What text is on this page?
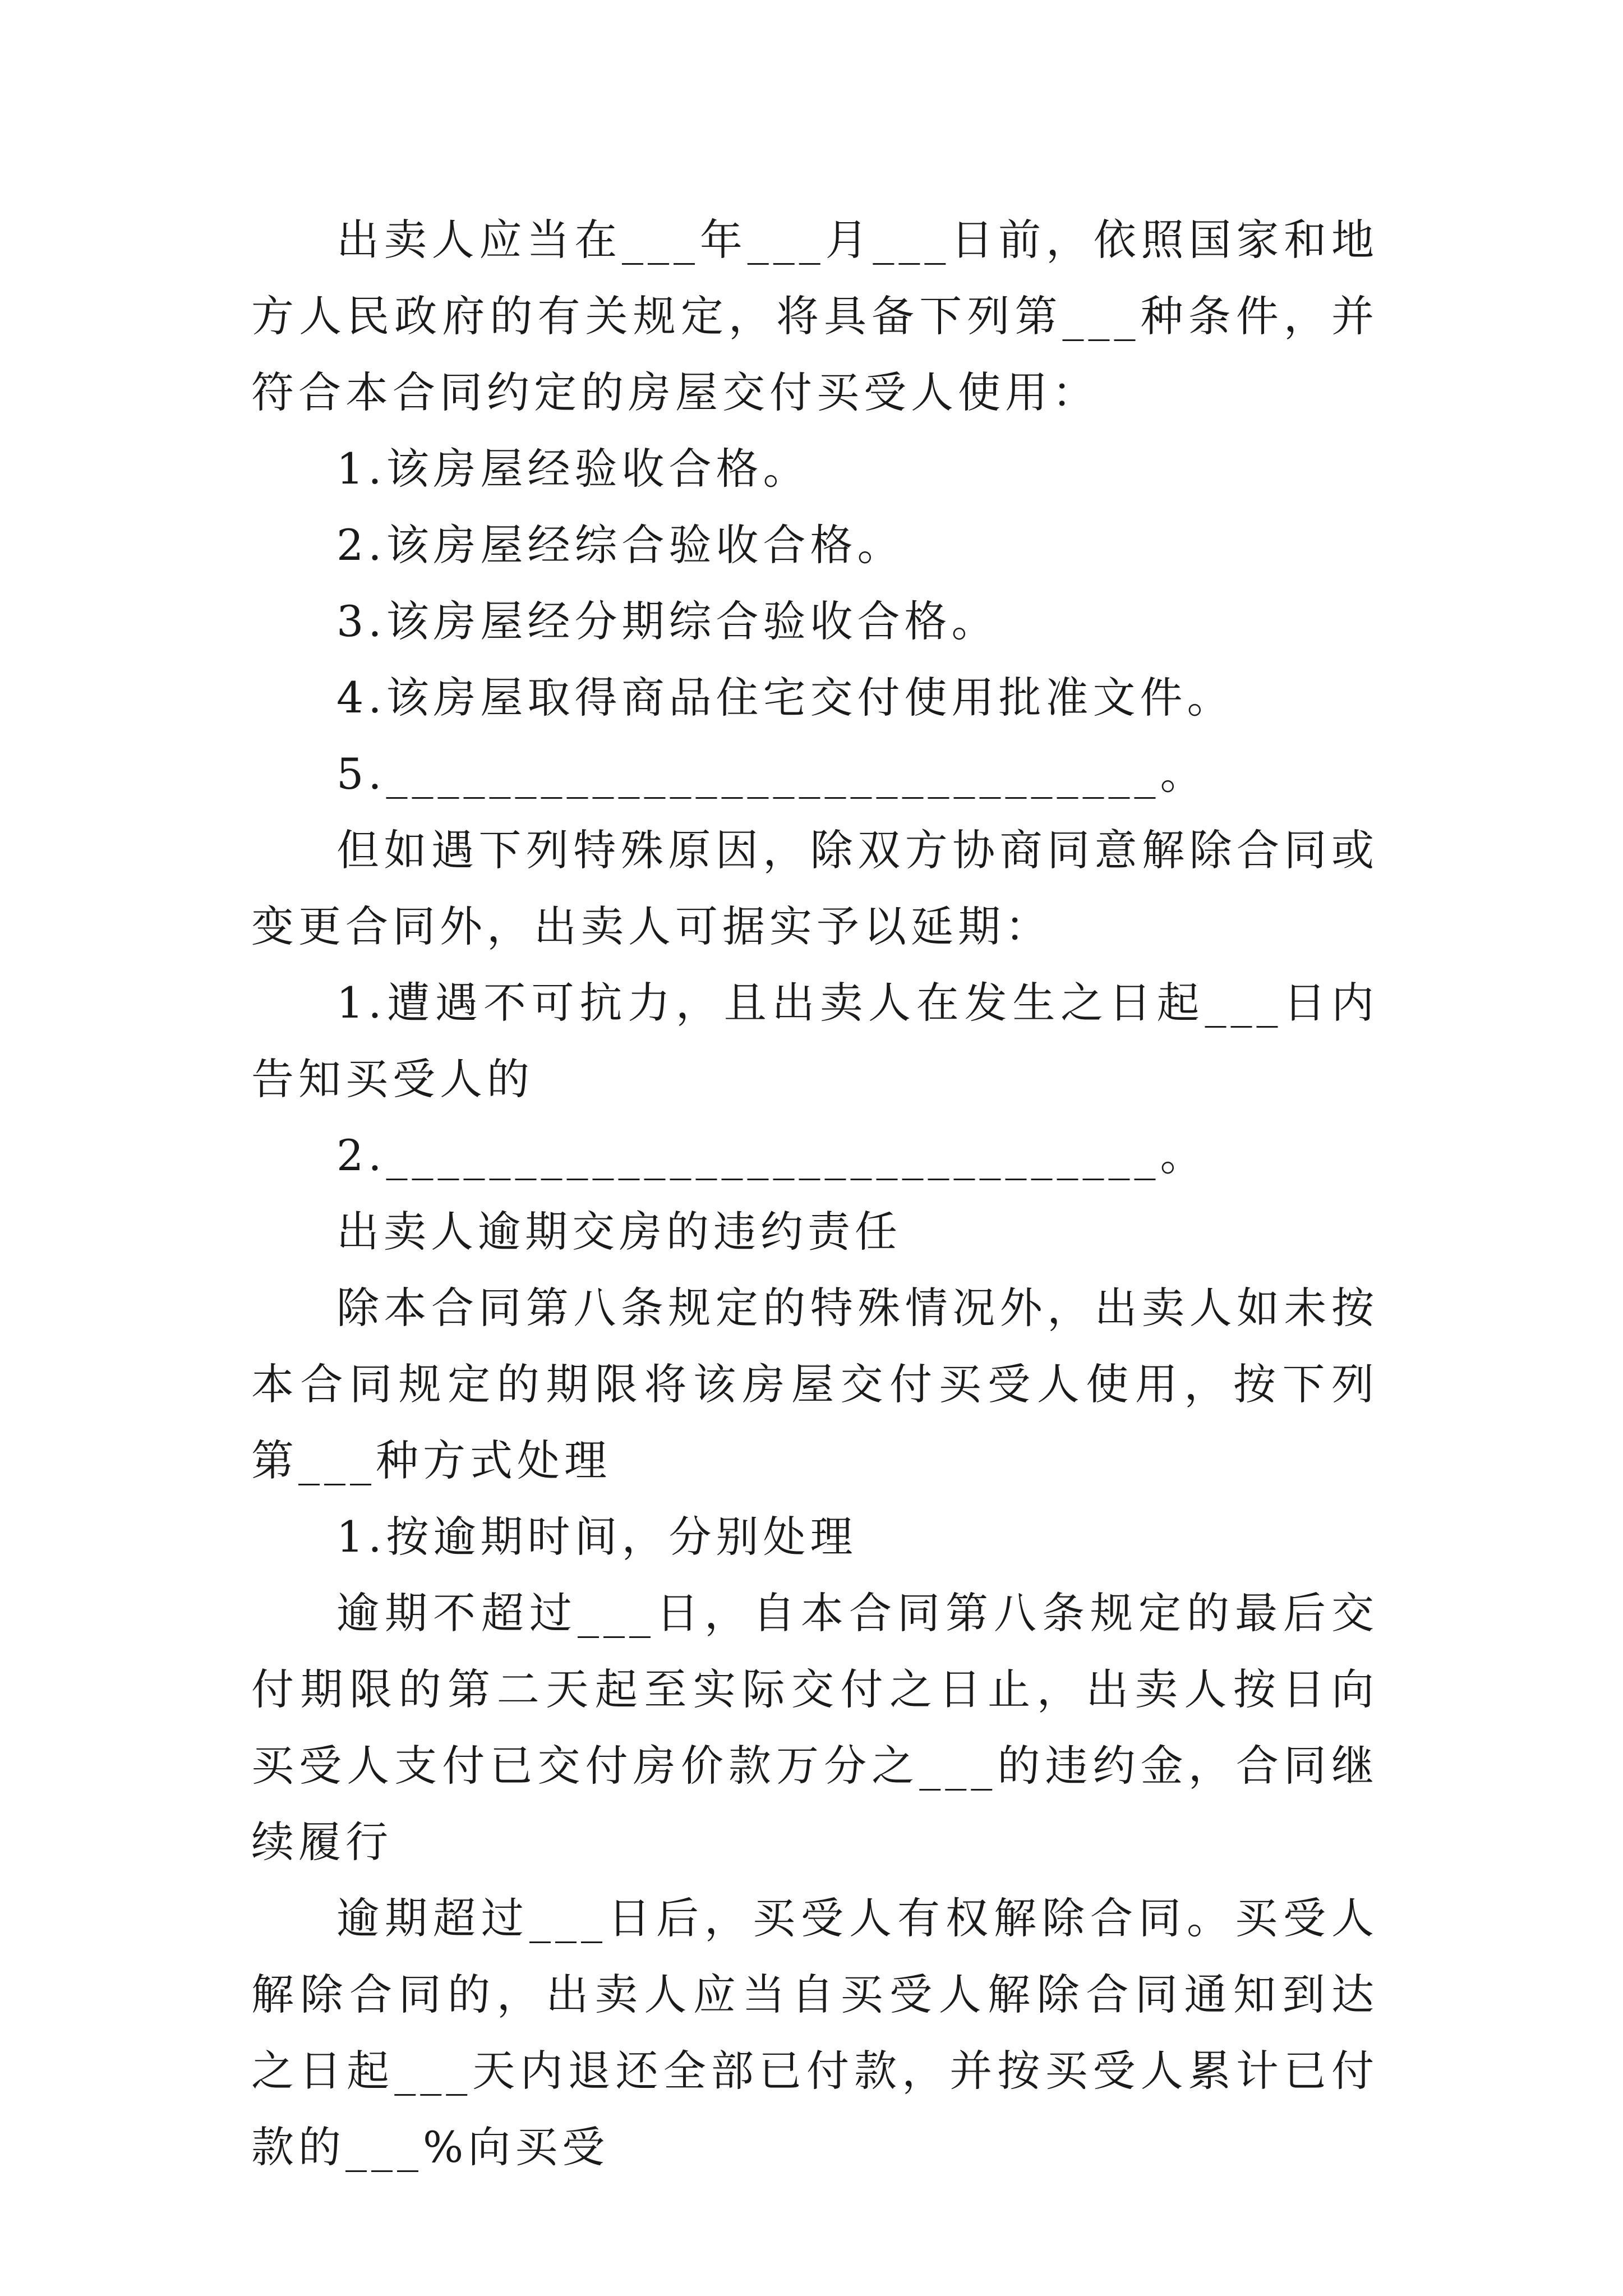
出卖人应当在___年___月___日前，依照国家和地方人民政府的有关规定，将具备下列第___种条件，并符合本合同约定的房屋交付买受人使用：

1.该房屋经验收合格。

2.该房屋经综合验收合格。

3.该房屋经分期综合验收合格。

4.该房屋取得商品住宅交付使用批准文件。

5.______________________________。

但如遇下列特殊原因，除双方协商同意解除合同或变更合同外，出卖人可据实予以延期：

1.遭遇不可抗力，且出卖人在发生之日起___日内告知买受人的

2.______________________________。

出卖人逾期交房的违约责任

除本合同第八条规定的特殊情况外，出卖人如未按本合同规定的期限将该房屋交付买受人使用，按下列第___种方式处理

1.按逾期时间，分别处理

逾期不超过___日，自本合同第八条规定的最后交付期限的第二天起至实际交付之日止，出卖人按日向买受人支付已交付房价款万分之___的违约金，合同继续履行

逾期超过___日后，买受人有权解除合同。买受人解除合同的，出卖人应当自买受人解除合同通知到达之日起___天内退还全部已付款，并按买受人累计已付款的___%向买受
